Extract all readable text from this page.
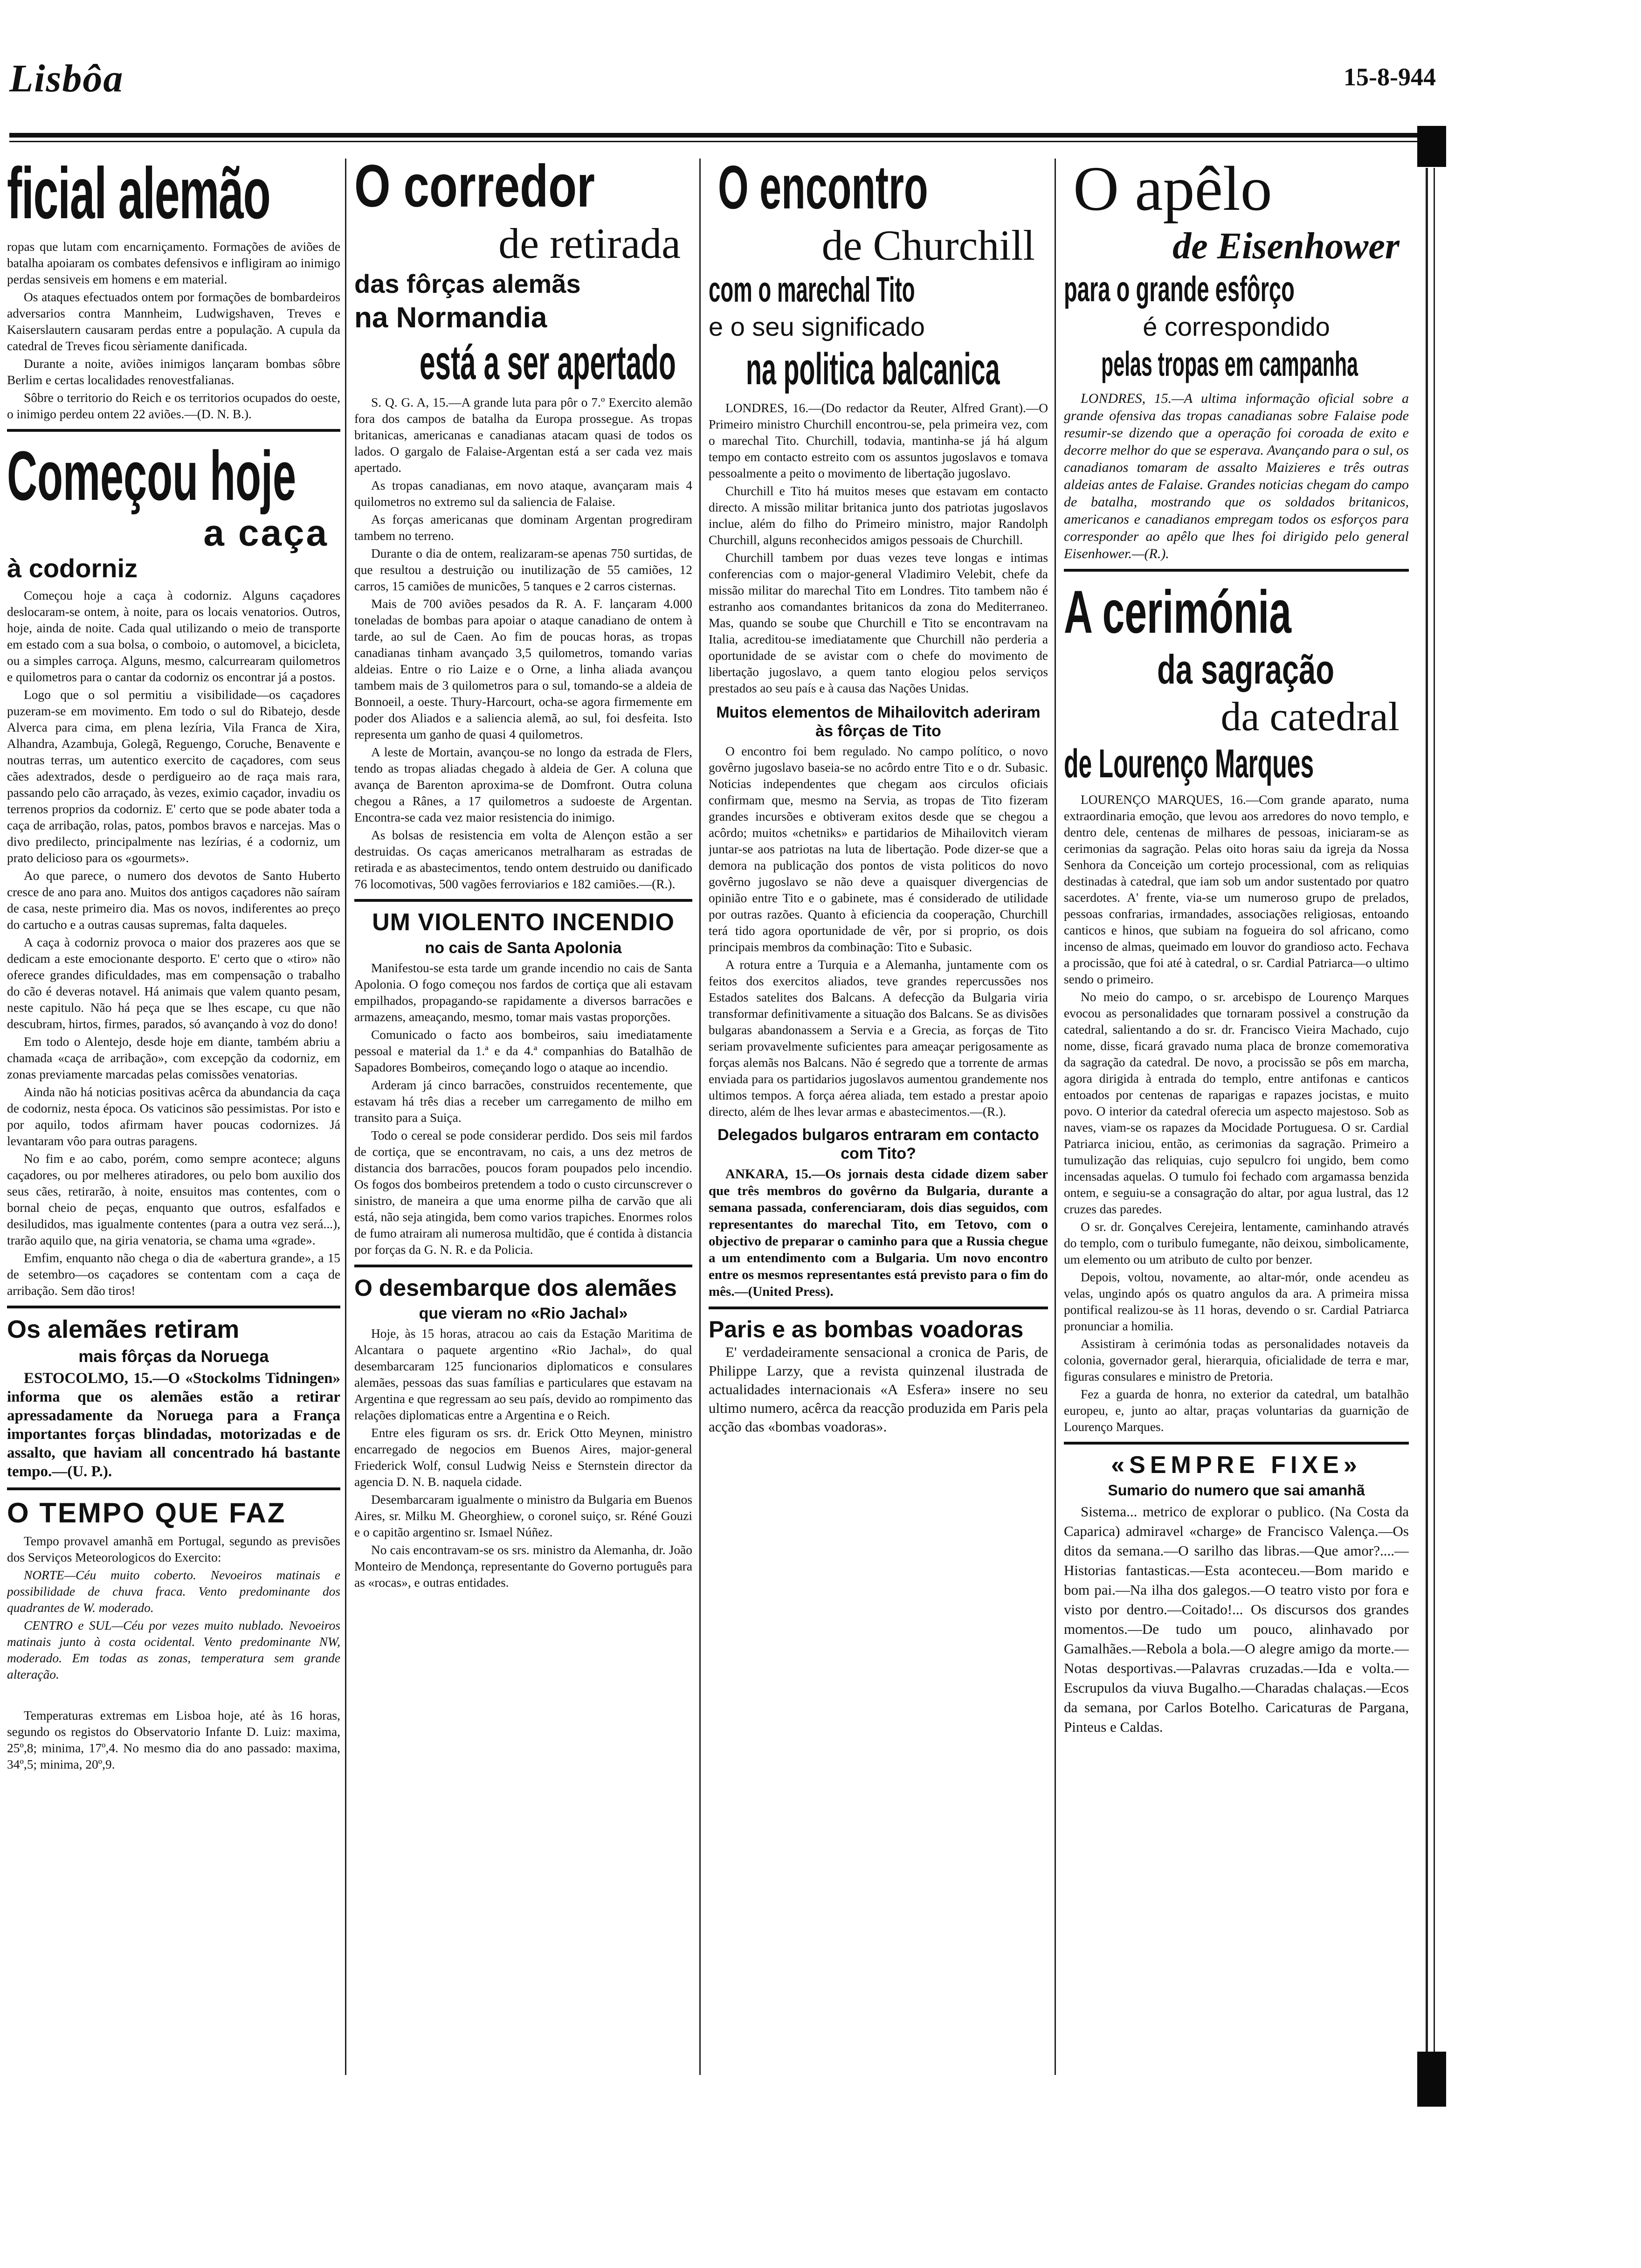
Lisbôa	15-8-944
ficial alemão

ropas que lutam com encarniçamento. Formações de aviões de batalha apoiaram os combates defensivos e infligiram ao inimigo perdas sensiveis em homens e em material.

Os ataques efectuados ontem por formações de bombardeiros adversarios contra Mannheim, Ludwigshaven, Treves e Kaiserslautern causaram perdas entre a população. A cupula da catedral de Treves ficou sèriamente danificada.

Durante a noite, aviões inimigos lançaram bombas sôbre Berlim e certas localidades renovestfalianas.

Sôbre o territorio do Reich e os territorios ocupados do oeste, o inimigo perdeu ontem 22 aviões.—(D. N. B.).

Começou hoje
a caça
à codorniz

Começou hoje a caça à codorniz. Alguns caçadores deslocaram-se ontem, à noite, para os locais venatorios. Outros, hoje, ainda de noite. Cada qual utilizando o meio de transporte em estado com a sua bolsa, o comboio, o automovel, a bicicleta, ou a simples carroça. Alguns, mesmo, calcurrearam quilometros e quilometros para o cantar da codorniz os encontrar já a postos.

Logo que o sol permitiu a visibilidade—os caçadores puzeram-se em movimento. Em todo o sul do Ribatejo, desde Alverca para cima, em plena lezíria, Vila Franca de Xira, Alhandra, Azambuja, Golegã, Reguengo, Coruche, Benavente e noutras terras, um autentico exercito de caçadores, com seus cães adextrados, desde o perdigueiro ao de raça mais rara, passando pelo cão arraçado, às vezes, eximio caçador, invadiu os terrenos proprios da codorniz. E' certo que se pode abater toda a caça de arribação, rolas, patos, pombos bravos e narcejas. Mas o divo predilecto, principalmente nas lezírias, é a codorniz, um prato delicioso para os «gourmets».

Ao que parece, o numero dos devotos de Santo Huberto cresce de ano para ano. Muitos dos antigos caçadores não saíram de casa, neste primeiro dia. Mas os novos, indiferentes ao preço do cartucho e a outras causas supremas, falta daqueles.

A caça à codorniz provoca o maior dos prazeres aos que se dedicam a este emocionante desporto. E' certo que o «tiro» não oferece grandes dificuldades, mas em compensação o trabalho do cão é deveras notavel. Há animais que valem quanto pesam, neste capitulo. Não há peça que se lhes escape, cu que não descubram, hirtos, firmes, parados, só avançando à voz do dono!

Em todo o Alentejo, desde hoje em diante, também abriu a chamada «caça de arribação», com excepção da codorniz, em zonas previamente marcadas pelas comissões venatorias.

Ainda não há noticias positivas acêrca da abundancia da caça de codorniz, nesta época. Os vaticinos são pessimistas. Por isto e por aquilo, todos afirmam haver poucas codornizes. Já levantaram vôo para outras paragens.

No fim e ao cabo, porém, como sempre acontece; alguns caçadores, ou por melheres atiradores, ou pelo bom auxilio dos seus cães, retirarão, à noite, ensuitos mas contentes, com o bornal cheio de peças, enquanto que outros, esfalfados e desiludidos, mas igualmente contentes (para a outra vez será...), trarão aquilo que, na giria venatoria, se chama uma «grade».

Emfim, enquanto não chega o dia de «abertura grande», a 15 de setembro—os caçadores se contentam com a caça de arribação. Sem dão tiros!

Os alemães retiram
mais fôrças da Noruega

ESTOCOLMO, 15.—O «Stockolms Tidningen» informa que os alemães estão a retirar apressadamente da Noruega para a França importantes forças blindadas, motorizadas e de assalto, que haviam all concentrado há bastante tempo.—(U. P.).

O TEMPO QUE FAZ

Tempo provavel amanhã em Portugal, segundo as previsões dos Serviços Meteorologicos do Exercito:

NORTE—Céu muito coberto. Nevoeiros matinais e possibilidade de chuva fraca. Vento predominante dos quadrantes de W. moderado.

CENTRO e SUL—Céu por vezes muito nublado. Nevoeiros matinais junto à costa ocidental. Vento predominante NW, moderado. Em todas as zonas, temperatura sem grande alteração.

Temperaturas extremas em Lisboa hoje, até às 16 horas, segundo os registos do Observatorio Infante D. Luiz: maxima, 25º,8; minima, 17º,4. No mesmo dia do ano passado: maxima, 34º,5; minima, 20º,9.

O corredor
de retirada
das fôrças alemãs
na Normandia
está a ser apertado

S. Q. G. A, 15.—A grande luta para pôr o 7.º Exercito alemão fora dos campos de batalha da Europa prossegue. As tropas britanicas, americanas e canadianas atacam quasi de todos os lados. O gargalo de Falaise-Argentan está a ser cada vez mais apertado.

As tropas canadianas, em novo ataque, avançaram mais 4 quilometros no extremo sul da saliencia de Falaise.

As forças americanas que dominam Argentan progrediram tambem no terreno.

Durante o dia de ontem, realizaram-se apenas 750 surtidas, de que resultou a destruição ou inutilização de 55 camiões, 12 carros, 15 camiões de municões, 5 tanques e 2 carros cisternas.

Mais de 700 aviões pesados da R. A. F. lançaram 4.000 toneladas de bombas para apoiar o ataque canadiano de ontem à tarde, ao sul de Caen. Ao fim de poucas horas, as tropas canadianas tinham avançado 3,5 quilometros, tomando varias aldeias. Entre o rio Laize e o Orne, a linha aliada avançou tambem mais de 3 quilometros para o sul, tomando-se a aldeia de Bonnoeil, a oeste. Thury-Harcourt, ocha-se agora firmemente em poder dos Aliados e a saliencia alemã, ao sul, foi desfeita. Isto representa um ganho de quasi 4 quilometros.

A leste de Mortain, avançou-se no longo da estrada de Flers, tendo as tropas aliadas chegado à aldeia de Ger. A coluna que avança de Barenton aproxima-se de Domfront. Outra coluna chegou a Rânes, a 17 quilometros a sudoeste de Argentan. Encontra-se cada vez maior resistencia do inimigo.

As bolsas de resistencia em volta de Alençon estão a ser destruidas. Os caças americanos metralharam as estradas de retirada e as abastecimentos, tendo ontem destruido ou danificado 76 locomotivas, 500 vagões ferroviarios e 182 camiões.—(R.).

UM VIOLENTO INCENDIO
no cais de Santa Apolonia

Manifestou-se esta tarde um grande incendio no cais de Santa Apolonia. O fogo começou nos fardos de cortiça que ali estavam empilhados, propagando-se rapidamente a diversos barracões e armazens, ameaçando, mesmo, tomar mais vastas proporções.

Comunicado o facto aos bombeiros, saiu imediatamente pessoal e material da 1.ª e da 4.ª companhias do Batalhão de Sapadores Bombeiros, começando logo o ataque ao incendio.

Arderam já cinco barracões, construidos recentemente, que estavam há três dias a receber um carregamento de milho em transito para a Suiça.

Todo o cereal se pode considerar perdido. Dos seis mil fardos de cortiça, que se encontravam, no cais, a uns dez metros de distancia dos barracões, poucos foram poupados pelo incendio. Os fogos dos bombeiros pretendem a todo o custo circunscrever o sinistro, de maneira a que uma enorme pilha de carvão que ali está, não seja atingida, bem como varios trapiches. Enormes rolos de fumo atrairam ali numerosa multidão, que é contida à distancia por forças da G. N. R. e da Policia.

O desembarque dos alemães
que vieram no «Rio Jachal»

Hoje, às 15 horas, atracou ao cais da Estação Maritima de Alcantara o paquete argentino «Rio Jachal», do qual desembarcaram 125 funcionarios diplomaticos e consulares alemães, pessoas das suas famílias e particulares que estavam na Argentina e que regressam ao seu país, devido ao rompimento das relações diplomaticas entre a Argentina e o Reich.

Entre eles figuram os srs. dr. Erick Otto Meynen, ministro encarregado de negocios em Buenos Aires, major-general Friederick Wolf, consul Ludwig Neiss e Sternstein director da agencia D. N. B. naquela cidade.

Desembarcaram igualmente o ministro da Bulgaria em Buenos Aires, sr. Milku M. Gheorghiew, o coronel suiço, sr. Réné Gouzi e o capitão argentino sr. Ismael Núñez.

No cais encontravam-se os srs. ministro da Alemanha, dr. João Monteiro de Mendonça, representante do Governo português para as «rocas», e outras entidades.

O encontro
de Churchill
com o marechal Tito
e o seu significado
na politica balcanica

LONDRES, 16.—(Do redactor da Reuter, Alfred Grant).—O Primeiro ministro Churchill encontrou-se, pela primeira vez, com o marechal Tito. Churchill, todavia, mantinha-se já há algum tempo em contacto estreito com os assuntos jugoslavos e tomava pessoalmente a peito o movimento de libertação jugoslavo.

Churchill e Tito há muitos meses que estavam em contacto directo. A missão militar britanica junto dos patriotas jugoslavos inclue, além do filho do Primeiro ministro, major Randolph Churchill, alguns reconhecidos amigos pessoais de Churchill.

Churchill tambem por duas vezes teve longas e intimas conferencias com o major-general Vladimiro Velebit, chefe da missão militar do marechal Tito em Londres. Tito tambem não é estranho aos comandantes britanicos da zona do Mediterraneo. Mas, quando se soube que Churchill e Tito se encontravam na Italia, acreditou-se imediatamente que Churchill não perderia a oportunidade de se avistar com o chefe do movimento de libertação jugoslavo, a quem tanto elogiou pelos serviços prestados ao seu país e à causa das Nações Unidas.

Muitos elementos de Mihailovitch aderiram às fôrças de Tito

O encontro foi bem regulado. No campo político, o novo govêrno jugoslavo baseia-se no acôrdo entre Tito e o dr. Subasic. Noticias independentes que chegam aos circulos oficiais confirmam que, mesmo na Servia, as tropas de Tito fizeram grandes incursões e obtiveram exitos desde que se chegou a acôrdo; muitos «chetniks» e partidarios de Mihailovitch vieram juntar-se aos patriotas na luta de libertação. Pode dizer-se que a demora na publicação dos pontos de vista politicos do novo govêrno jugoslavo se não deve a quaisquer divergencias de opinião entre Tito e o gabinete, mas é considerado de utilidade por outras razões. Quanto à eficiencia da cooperação, Churchill terá tido agora oportunidade de vêr, por si proprio, os dois principais membros da combinação: Tito e Subasic.

A rotura entre a Turquia e a Alemanha, juntamente com os feitos dos exercitos aliados, teve grandes repercussões nos Estados satelites dos Balcans. A defecção da Bulgaria viria transformar definitivamente a situação dos Balcans. Se as divisões bulgaras abandonassem a Servia e a Grecia, as forças de Tito seriam provavelmente suficientes para ameaçar perigosamente as forças alemãs nos Balcans. Não é segredo que a torrente de armas enviada para os partidarios jugoslavos aumentou grandemente nos ultimos tempos. A força aérea aliada, tem estado a prestar apoio directo, além de lhes levar armas e abastecimentos.—(R.).

Delegados bulgaros entraram em contacto com Tito?

ANKARA, 15.—Os jornais desta cidade dizem saber que três membros do govêrno da Bulgaria, durante a semana passada, conferenciaram, dois dias seguidos, com representantes do marechal Tito, em Tetovo, com o objectivo de preparar o caminho para que a Russia chegue a um entendimento com a Bulgaria. Um novo encontro entre os mesmos representantes está previsto para o fim do mês.—(United Press).

Paris e as bombas voadoras

E' verdadeiramente sensacional a cronica de Paris, de Philippe Larzy, que a revista quinzenal ilustrada de actualidades internacionais «A Esfera» insere no seu ultimo numero, acêrca da reacção produzida em Paris pela acção das «bombas voadoras».

O apêlo
de Eisenhower
para o grande esfôrço
é correspondido
pelas tropas em campanha

LONDRES, 15.—A ultima informação oficial sobre a grande ofensiva das tropas canadianas sobre Falaise pode resumir-se dizendo que a operação foi coroada de exito e decorre melhor do que se esperava. Avançando para o sul, os canadianos tomaram de assalto Maizieres e três outras aldeias antes de Falaise. Grandes noticias chegam do campo de batalha, mostrando que os soldados britanicos, americanos e canadianos empregam todos os esforços para corresponder ao apêlo que lhes foi dirigido pelo general Eisenhower.—(R.).

A cerimónia
da sagração
da catedral
de Lourenço Marques

LOURENÇO MARQUES, 16.—Com grande aparato, numa extraordinaria emoção, que levou aos arredores do novo templo, e dentro dele, centenas de milhares de pessoas, iniciaram-se as cerimonias da sagração. Pelas oito horas saiu da igreja da Nossa Senhora da Conceição um cortejo processional, com as reliquias destinadas à catedral, que iam sob um andor sustentado por quatro sacerdotes. A' frente, via-se um numeroso grupo de prelados, pessoas confrarias, irmandades, associações religiosas, entoando canticos e hinos, que subiam na fogueira do sol africano, como incenso de almas, queimado em louvor do grandioso acto. Fechava a procissão, que foi até à catedral, o sr. Cardial Patriarca—o ultimo sendo o primeiro.

No meio do campo, o sr. arcebispo de Lourenço Marques evocou as personalidades que tornaram possivel a construção da catedral, salientando a do sr. dr. Francisco Vieira Machado, cujo nome, disse, ficará gravado numa placa de bronze comemorativa da sagração da catedral. De novo, a procissão se pôs em marcha, agora dirigida à entrada do templo, entre antifonas e canticos entoados por centenas de raparigas e rapazes jocistas, e muito povo. O interior da catedral oferecia um aspecto majestoso. Sob as naves, viam-se os rapazes da Mocidade Portuguesa. O sr. Cardial Patriarca iniciou, então, as cerimonias da sagração. Primeiro a tumulização das reliquias, cujo sepulcro foi ungido, bem como incensadas aquelas. O tumulo foi fechado com argamassa benzida ontem, e seguiu-se a consagração do altar, por agua lustral, das 12 cruzes das paredes.

O sr. dr. Gonçalves Cerejeira, lentamente, caminhando através do templo, com o turibulo fumegante, não deixou, simbolicamente, um elemento ou um atributo de culto por benzer.

Depois, voltou, novamente, ao altar-mór, onde acendeu as velas, ungindo após os quatro angulos da ara. A primeira missa pontifical realizou-se às 11 horas, devendo o sr. Cardial Patriarca pronunciar a homilia.

Assistiram à cerimónia todas as personalidades notaveis da colonia, governador geral, hierarquia, oficialidade de terra e mar, figuras consulares e ministro de Pretoria.

Fez a guarda de honra, no exterior da catedral, um batalhão europeu, e, junto ao altar, praças voluntarias da guarnição de Lourenço Marques.

«SEMPRE FIXE»
Sumario do numero que sai amanhã

Sistema... metrico de explorar o publico. (Na Costa da Caparica) admiravel «charge» de Francisco Valença.—Os ditos da semana.—O sarilho das libras.—Que amor?....—Historias fantasticas.—Esta aconteceu.—Bom marido e bom pai.—Na ilha dos galegos.—O teatro visto por fora e visto por dentro.—Coitado!... Os discursos dos grandes momentos.—De tudo um pouco, alinhavado por Gamalhães.—Rebola a bola.—O alegre amigo da morte.—Notas desportivas.—Palavras cruzadas.—Ida e volta.—Escrupulos da viuva Bugalho.—Charadas chalaças.—Ecos da semana, por Carlos Botelho. Caricaturas de Pargana, Pinteus e Caldas.
